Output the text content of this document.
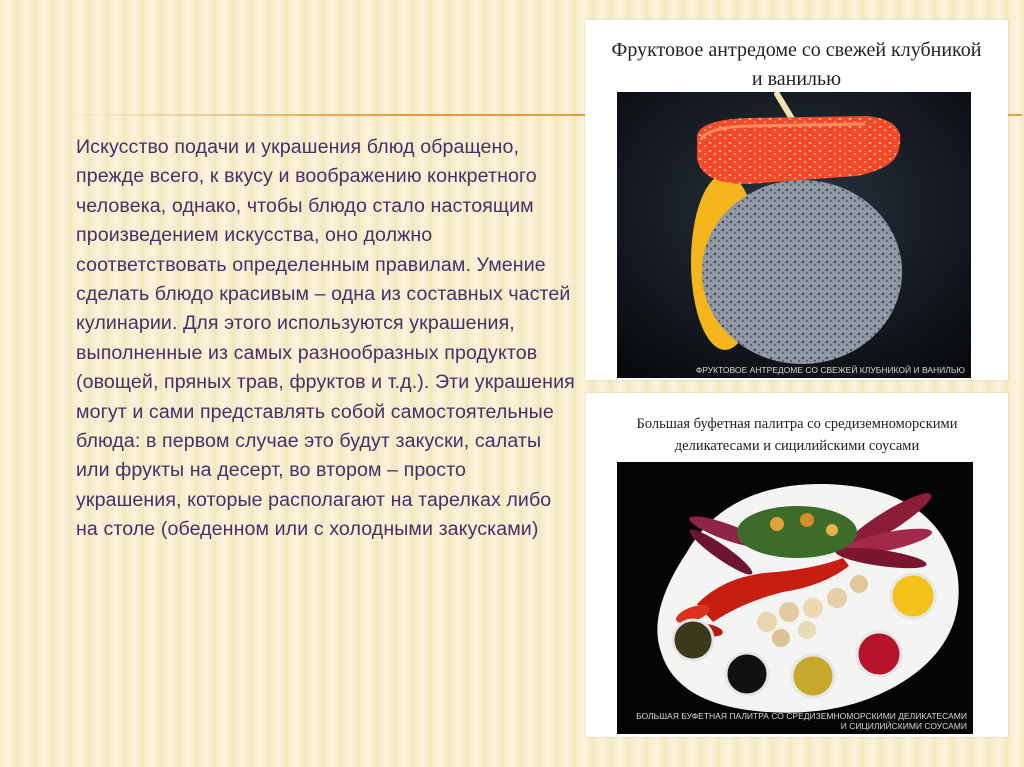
Искусство подачи и украшения блюд обращено, прежде всего, к вкусу и воображению конкретного человека, однако, чтобы блюдо стало настоящим произведением искусства, оно должно соответствовать определенным правилам. Умение сделать блюдо красивым – одна из составных частей кулинарии. Для этого используются украшения, выполненные из самых разнообразных продуктов (овощей, пряных трав, фруктов и т.д.). Эти украшения могут и сами представлять собой самостоятельные блюда: в первом случае это будут закуски, салаты или фрукты на десерт, во втором – просто украшения, которые располагают на тарелках либо на столе (обеденном или с холодными закусками)
Фруктовое антредоме со свежей клубникой и ванилью
ФРУКТОВОЕ АНТРЕДОМЕ СО СВЕЖЕЙ КЛУБНИКОЙ И ВАНИЛЬЮ
Большая буфетная палитра со средиземноморскими деликатесами и сицилийскими соусами
БОЛЬШАЯ БУФЕТНАЯ ПАЛИТРА СО СРЕДИЗЕМНОМОРСКИМИ ДЕЛИКАТЕСАМИ
И СИЦИЛИЙСКИМИ СОУСАМИ
